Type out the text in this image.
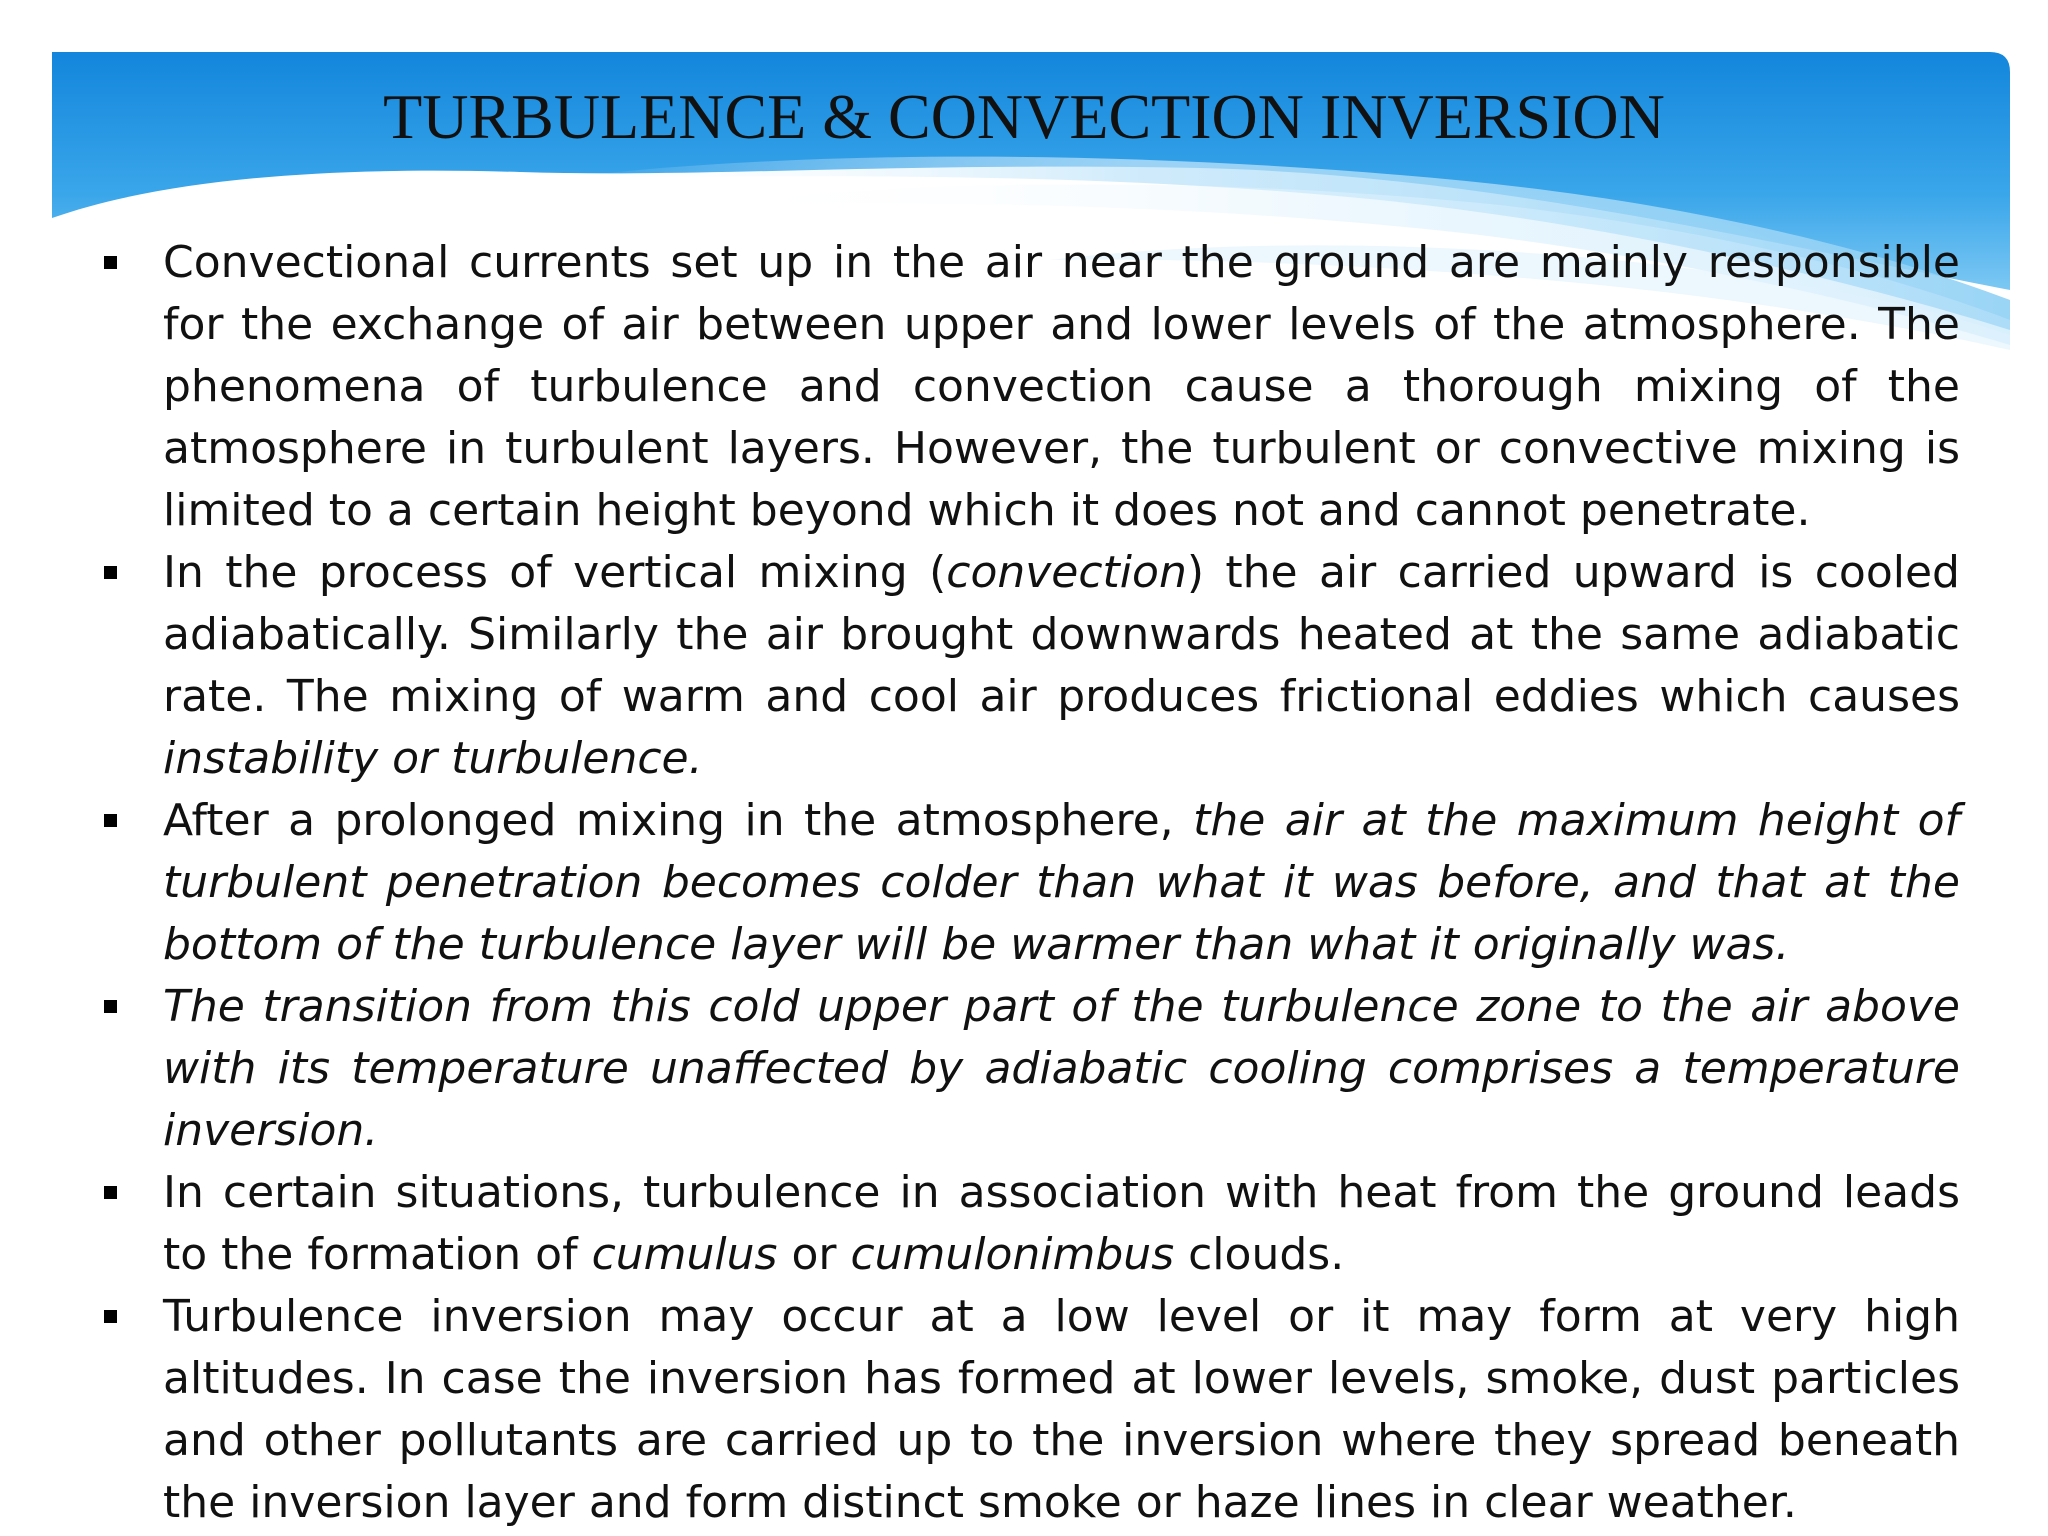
TURBULENCE & CONVECTION INVERSION
Convectional currents set up in the air near the ground are mainly responsible for the exchange of air between upper and lower levels of the atmosphere. The phenomena of turbulence and convection cause a thorough mixing of the atmosphere in turbulent layers. However, the turbulent or convective mixing is limited to a certain height beyond which it does not and cannot penetrate.
In the process of vertical mixing (convection) the air carried upward is cooled adiabatically. Similarly the air brought downwards heated at the same adiabatic rate. The mixing of warm and cool air produces frictional eddies which causes instability or turbulence.
After a prolonged mixing in the atmosphere, the air at the maximum height of turbulent penetration becomes colder than what it was before, and that at the bottom of the turbulence layer will be warmer than what it originally was.
The transition from this cold upper part of the turbulence zone to the air above with its temperature unaffected by adiabatic cooling comprises a temperature inversion.
In certain situations, turbulence in association with heat from the ground leads to the formation of cumulus or cumulonimbus clouds.
Turbulence inversion may occur at a low level or it may form at very high altitudes. In case the inversion has formed at lower levels, smoke, dust particles and other pollutants are carried up to the inversion where they spread beneath the inversion layer and form distinct smoke or haze lines in clear weather.
